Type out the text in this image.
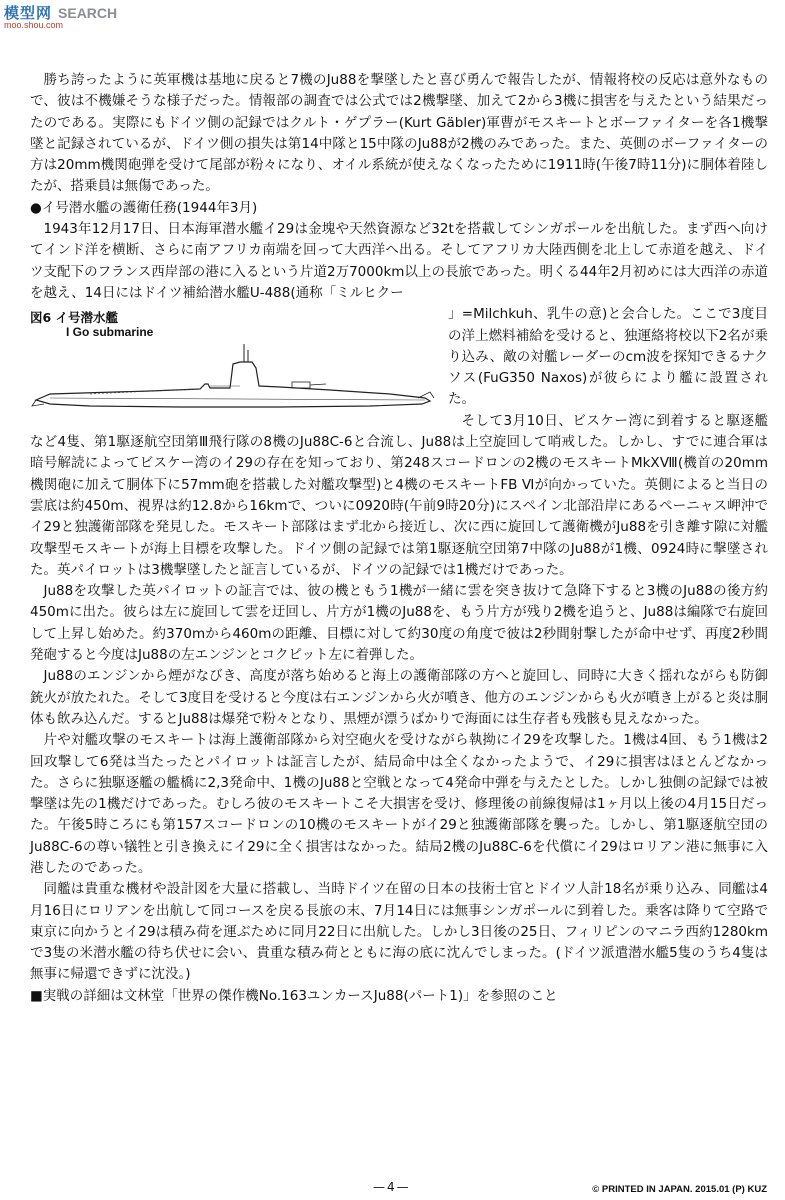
模型网 SEARCH
moo.shou.com

勝ち誇ったように英軍機は基地に戻ると7機のJu88を撃墜したと喜び勇んで報告したが、情報将校の反応は意外なもので、彼は不機嫌そうな様子だった。情報部の調査では公式では2機撃墜、加えて2から3機に損害を与えたという結果だったのである。実際にもドイツ側の記録ではクルト・ゲプラー(Kurt Gäbler)軍曹がモスキートとボーファイターを各1機撃墜と記録されているが、ドイツ側の損失は第14中隊と15中隊のJu88が2機のみであった。また、英側のボーファイターの方は20mm機関砲弾を受けて尾部が粉々になり、オイル系統が使えなくなったために1911時(午後7時11分)に胴体着陸したが、搭乗員は無傷であった。

●イ号潜水艦の護衛任務(1944年3月)

1943年12月17日、日本海軍潜水艦イ29は金塊や天然資源など32tを搭載してシンガポールを出航した。まず西へ向けてインド洋を横断、さらに南アフリカ南端を回って大西洋へ出る。そしてアフリカ大陸西側を北上して赤道を越え、ドイツ支配下のフランス西岸部の港に入るという片道2万7000km以上の長旅であった。明くる44年2月初めには大西洋の赤道を越え、14日にはドイツ補給潜水艦U-488(通称「ミルヒクー
図6 イ号潜水艦
I Go submarine
」=Milchkuh、乳牛の意)と会合した。ここで3度目の洋上燃料補給を受けると、独運絡将校以下2名が乗り込み、敵の対艦レーダーのcm波を探知できるナクソス(FuG350 Naxos)が彼らにより艦に設置された。

そして3月10日、ビスケー湾に到着すると駆逐艦など4隻、第1駆逐航空団第Ⅲ飛行隊の8機のJu88C-6と合流し、Ju88は上空旋回して哨戒した。しかし、すでに連合軍は暗号解読によってビスケー湾のイ29の存在を知っており、第248スコードロンの2機のモスキートMkXⅧ(機首の20mm機関砲に加えて胴体下に57mm砲を搭載した対艦攻撃型)と4機のモスキートFB Ⅵが向かっていた。英側によると当日の雲底は約450m、視界は約12.8から16kmで、ついに0920時(午前9時20分)にスペイン北部沿岸にあるペーニャス岬沖でイ29と独護衛部隊を発見した。モスキート部隊はまず北から接近し、次に西に旋回して護衛機がJu88を引き離す隙に対艦攻撃型モスキートが海上目標を攻撃した。ドイツ側の記録では第1駆逐航空団第7中隊のJu88が1機、0924時に撃墜された。英パイロットは3機撃墜したと証言しているが、ドイツの記録では1機だけであった。

Ju88を攻撃した英パイロットの証言では、彼の機ともう1機が一緒に雲を突き抜けて急降下すると3機のJu88の後方約450mに出た。彼らは左に旋回して雲を迂回し、片方が1機のJu88を、もう片方が残り2機を追うと、Ju88は編隊で右旋回して上昇し始めた。約370mから460mの距離、目標に対して約30度の角度で彼は2秒間射撃したが命中せず、再度2秒間発砲すると今度はJu88の左エンジンとコクピット左に着弾した。

Ju88のエンジンから煙がなびき、高度が落ち始めると海上の護衛部隊の方へと旋回し、同時に大きく揺れながらも防御銃火が放たれた。そして3度目を受けると今度は右エンジンから火が噴き、他方のエンジンからも火が噴き上がると炎は胴体も飲み込んだ。するとJu88は爆発で粉々となり、黒煙が漂うばかりで海面には生存者も残骸も見えなかった。

片や対艦攻撃のモスキートは海上護衛部隊から対空砲火を受けながら執拗にイ29を攻撃した。1機は4回、もう1機は2回攻撃して6発は当たったとパイロットは証言したが、結局命中は全くなかったようで、イ29に損害はほとんどなかった。さらに独駆逐艦の艦橋に2,3発命中、1機のJu88と空戦となって4発命中弾を与えたとした。しかし独側の記録では被撃墜は先の1機だけであった。むしろ彼のモスキートこそ大損害を受け、修理後の前線復帰は1ヶ月以上後の4月15日だった。午後5時ころにも第157スコードロンの10機のモスキートがイ29と独護衛部隊を襲った。しかし、第1駆逐航空団のJu88C-6の尊い犠牲と引き換えにイ29に全く損害はなかった。結局2機のJu88C-6を代償にイ29はロリアン港に無事に入港したのであった。

同艦は貴重な機材や設計図を大量に搭載し、当時ドイツ在留の日本の技術士官とドイツ人計18名が乗り込み、同艦は4月16日にロリアンを出航して同コースを戻る長旅の末、7月14日には無事シンガポールに到着した。乗客は降りて空路で東京に向かうとイ29は積み荷を運ぶために同月22日に出航した。しかし3日後の25日、フィリピンのマニラ西約1280kmで3隻の米潜水艦の待ち伏せに会い、貴重な積み荷とともに海の底に沈んでしまった。(ドイツ派遣潜水艦5隻のうち4隻は無事に帰還できずに沈没。)

■実戦の詳細は文林堂「世界の傑作機No.163ユンカースJu88(パート1)」を参照のこと

—4—	© PRINTED IN JAPAN. 2015.01 (P) KUZ
